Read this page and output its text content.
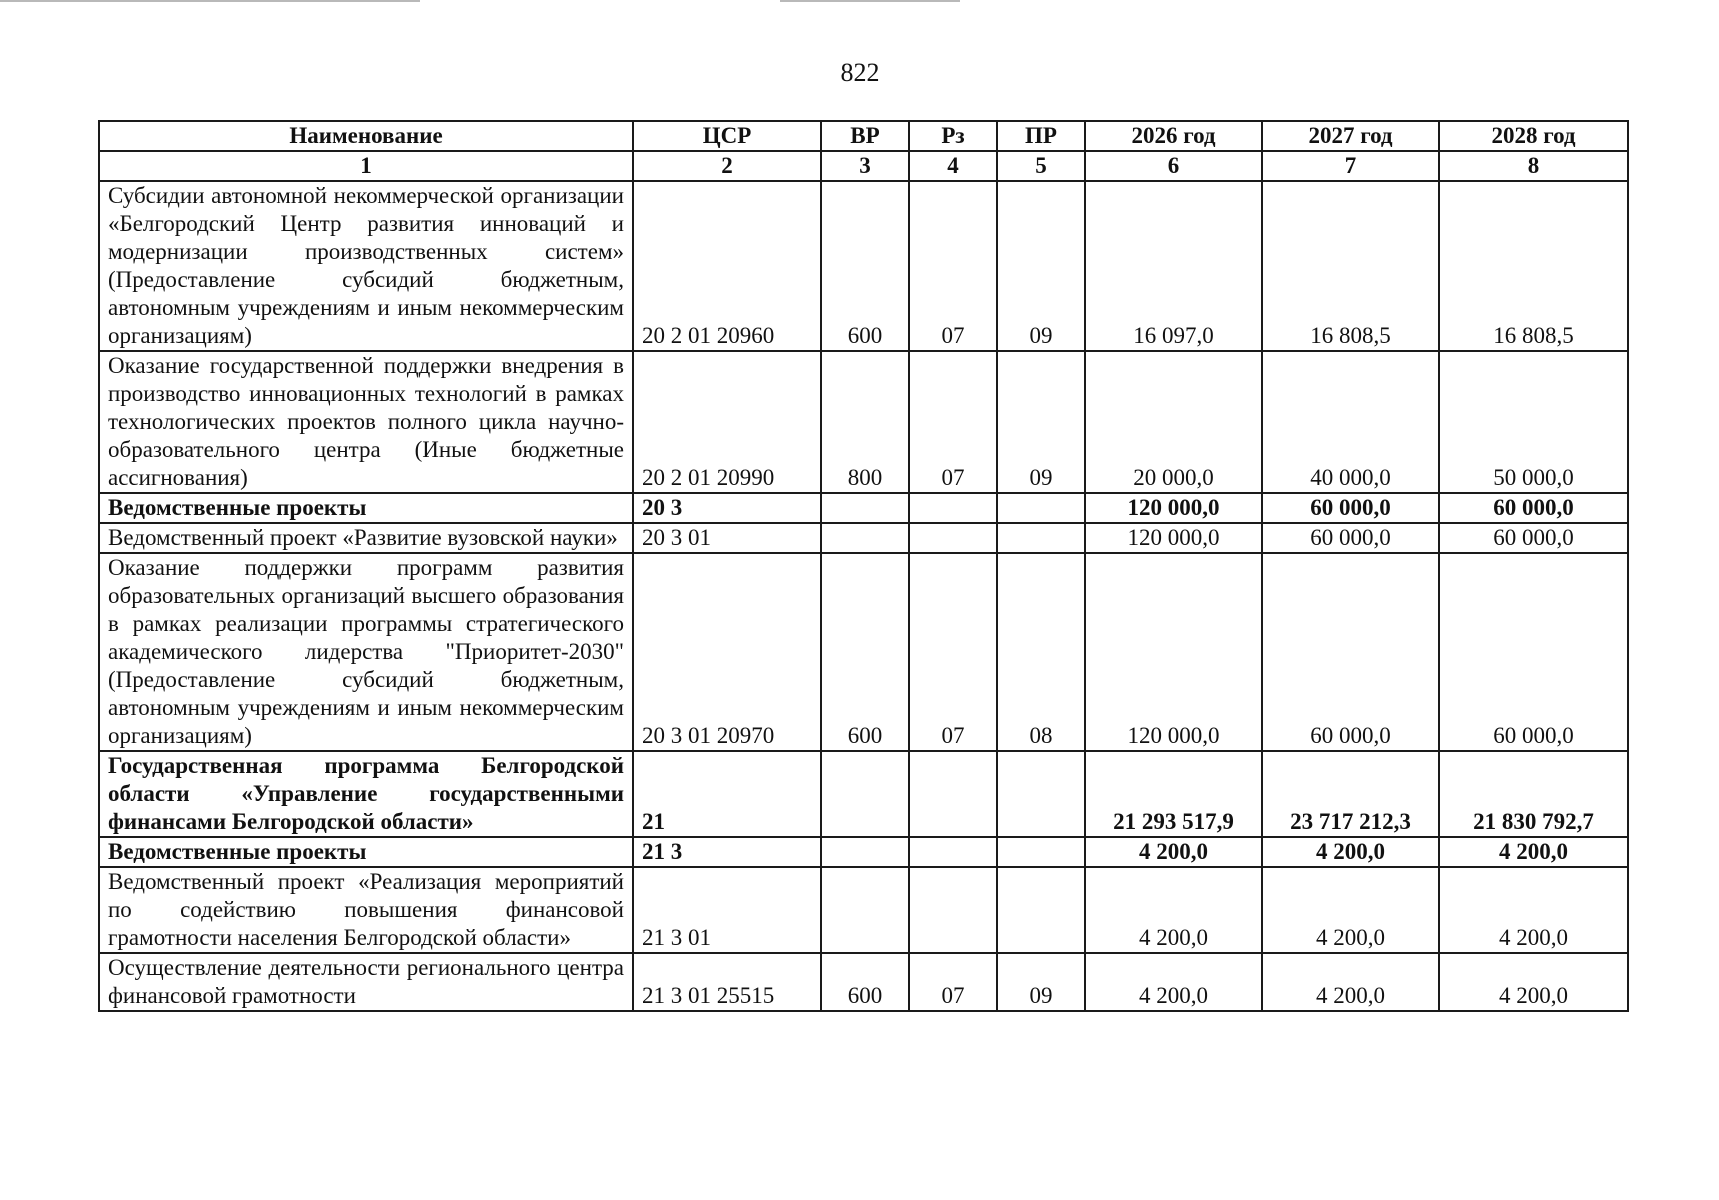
822
Наименование	ЦСР	ВР	Рз	ПР	2026 год	2027 год	2028 год
1	2	3	4	5	6	7	8
Субсидии автономной некоммерческой организации «Белгородский Центр развития инноваций и модернизации производственных систем» (Предоставление субсидий бюджетным, автономным учреждениям и иным некоммерческим организациям)	20 2 01 20960	600	07	09	16 097,0	16 808,5	16 808,5
Оказание государственной поддержки внедрения в производство инновационных технологий в рамках технологических проектов полного цикла научно-образовательного центра (Иные бюджетные ассигнования)	20 2 01 20990	800	07	09	20 000,0	40 000,0	50 000,0
Ведомственные проекты	20 3				120 000,0	60 000,0	60 000,0
Ведомственный проект «Развитие вузовской науки»	20 3 01				120 000,0	60 000,0	60 000,0
Оказание поддержки программ развития образовательных организаций высшего образования в рамках реализации программы стратегического академического лидерства "Приоритет-2030" (Предоставление субсидий бюджетным, автономным учреждениям и иным некоммерческим организациям)	20 3 01 20970	600	07	08	120 000,0	60 000,0	60 000,0
Государственная программа Белгородской области «Управление государственными финансами Белгородской области»	21				21 293 517,9	23 717 212,3	21 830 792,7
Ведомственные проекты	21 3				4 200,0	4 200,0	4 200,0
Ведомственный проект «Реализация мероприятий по содействию повышения финансовой грамотности населения Белгородской области»	21 3 01				4 200,0	4 200,0	4 200,0
Осуществление деятельности регионального центра финансовой грамотности	21 3 01 25515	600	07	09	4 200,0	4 200,0	4 200,0
